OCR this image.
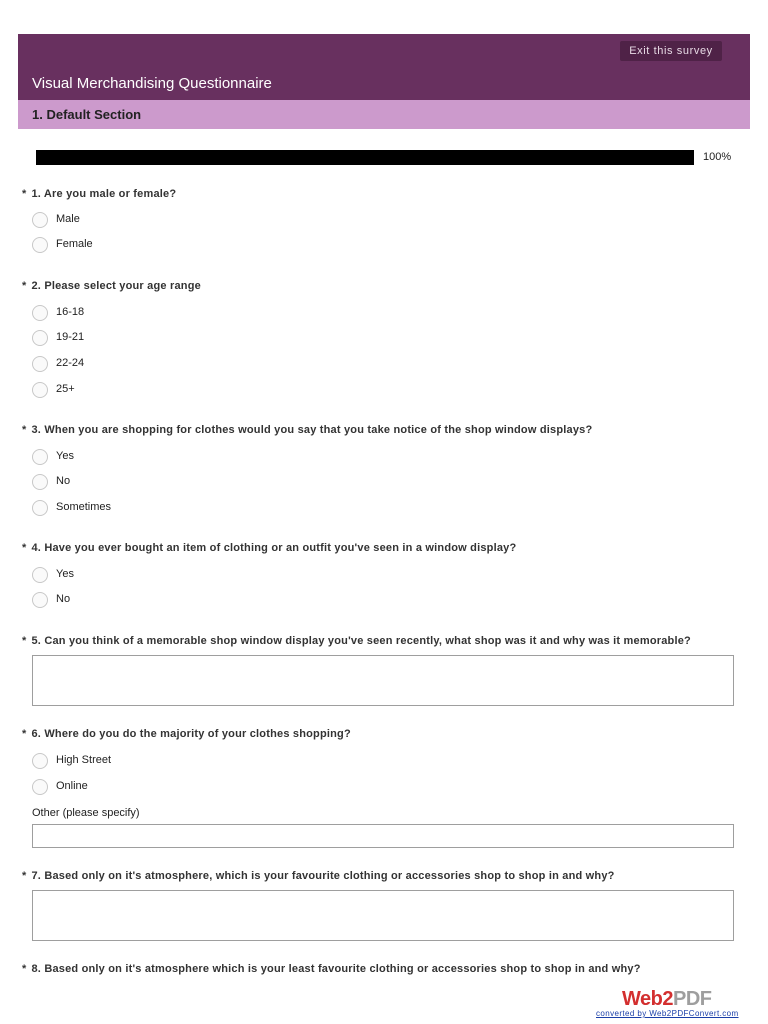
Exit this survey
Visual Merchandising Questionnaire
1. Default Section
100%
* 1. Are you male or female?
Male
Female
* 2. Please select your age range
16-18
19-21
22-24
25+
* 3. When you are shopping for clothes would you say that you take notice of the shop window displays?
Yes
No
Sometimes
* 4. Have you ever bought an item of clothing or an outfit you've seen in a window display?
Yes
No
* 5. Can you think of a memorable shop window display you've seen recently, what shop was it and why was it memorable?
* 6. Where do you do the majority of your clothes shopping?
High Street
Online
Other (please specify)
* 7. Based only on it's atmosphere, which is your favourite clothing or accessories shop to shop in and why?
* 8. Based only on it's atmosphere which is your least favourite clothing or accessories shop to shop in and why?
Web2PDF
converted by Web2PDFConvert.com
